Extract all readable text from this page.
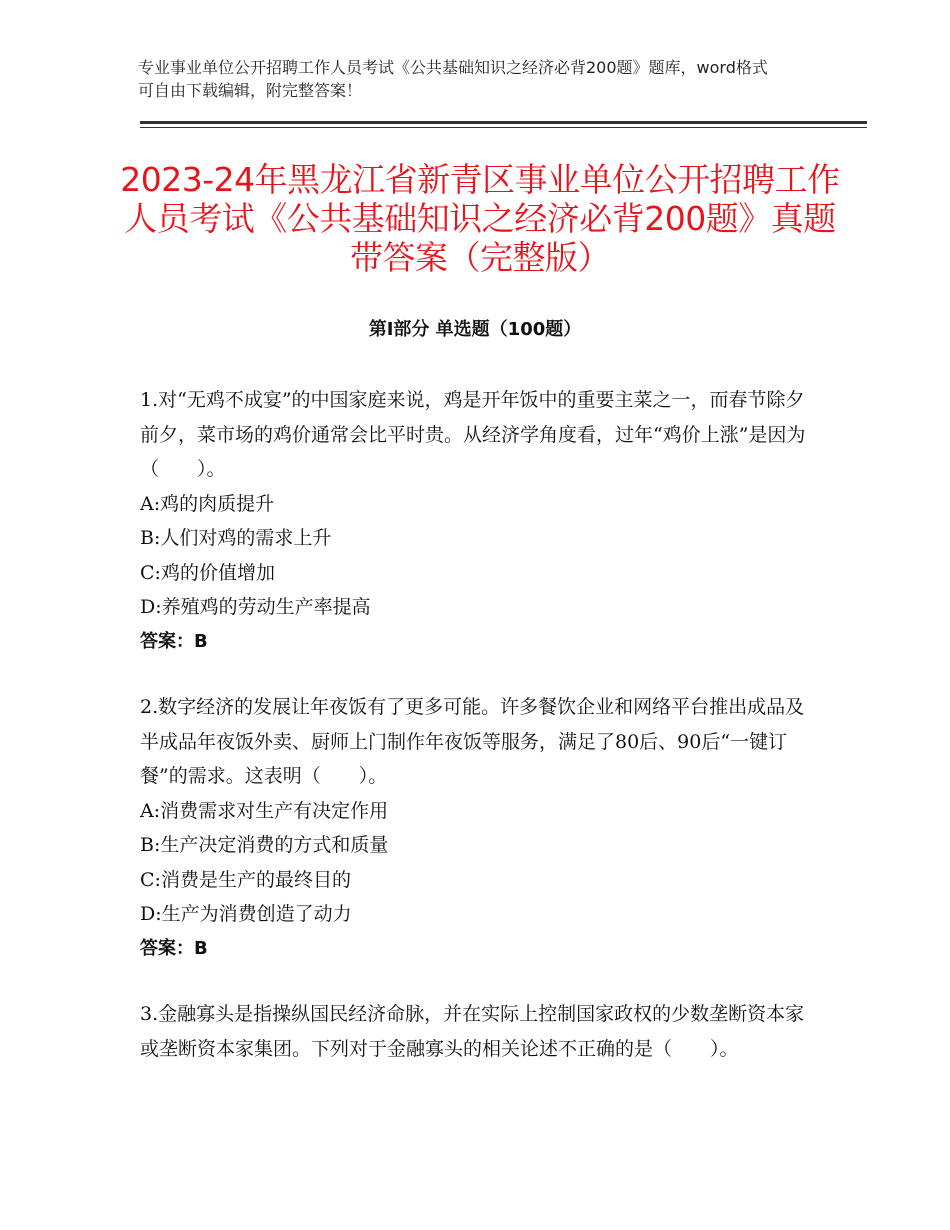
专业事业单位公开招聘工作人员考试《公共基础知识之经济必背200题》题库，word格式可自由下载编辑，附完整答案！
2023-24年黑龙江省新青区事业单位公开招聘工作人员考试《公共基础知识之经济必背200题》真题带答案（完整版）
第Ⅰ部分 单选题（100题）

1.对“无鸡不成宴”的中国家庭来说，鸡是开年饭中的重要主菜之一，而春节除夕前夕，菜市场的鸡价通常会比平时贵。从经济学角度看，过年“鸡价上涨”是因为（　　）。

A:鸡的肉质提升

B:人们对鸡的需求上升

C:鸡的价值增加

D:养殖鸡的劳动生产率提高

答案：B

2.数字经济的发展让年夜饭有了更多可能。许多餐饮企业和网络平台推出成品及半成品年夜饭外卖、厨师上门制作年夜饭等服务，满足了80后、90后“一键订餐”的需求。这表明（　　）。

A:消费需求对生产有决定作用

B:生产决定消费的方式和质量

C:消费是生产的最终目的

D:生产为消费创造了动力

答案：B

3.金融寡头是指操纵国民经济命脉，并在实际上控制国家政权的少数垄断资本家或垄断资本家集团。下列对于金融寡头的相关论述不正确的是（　　）。
